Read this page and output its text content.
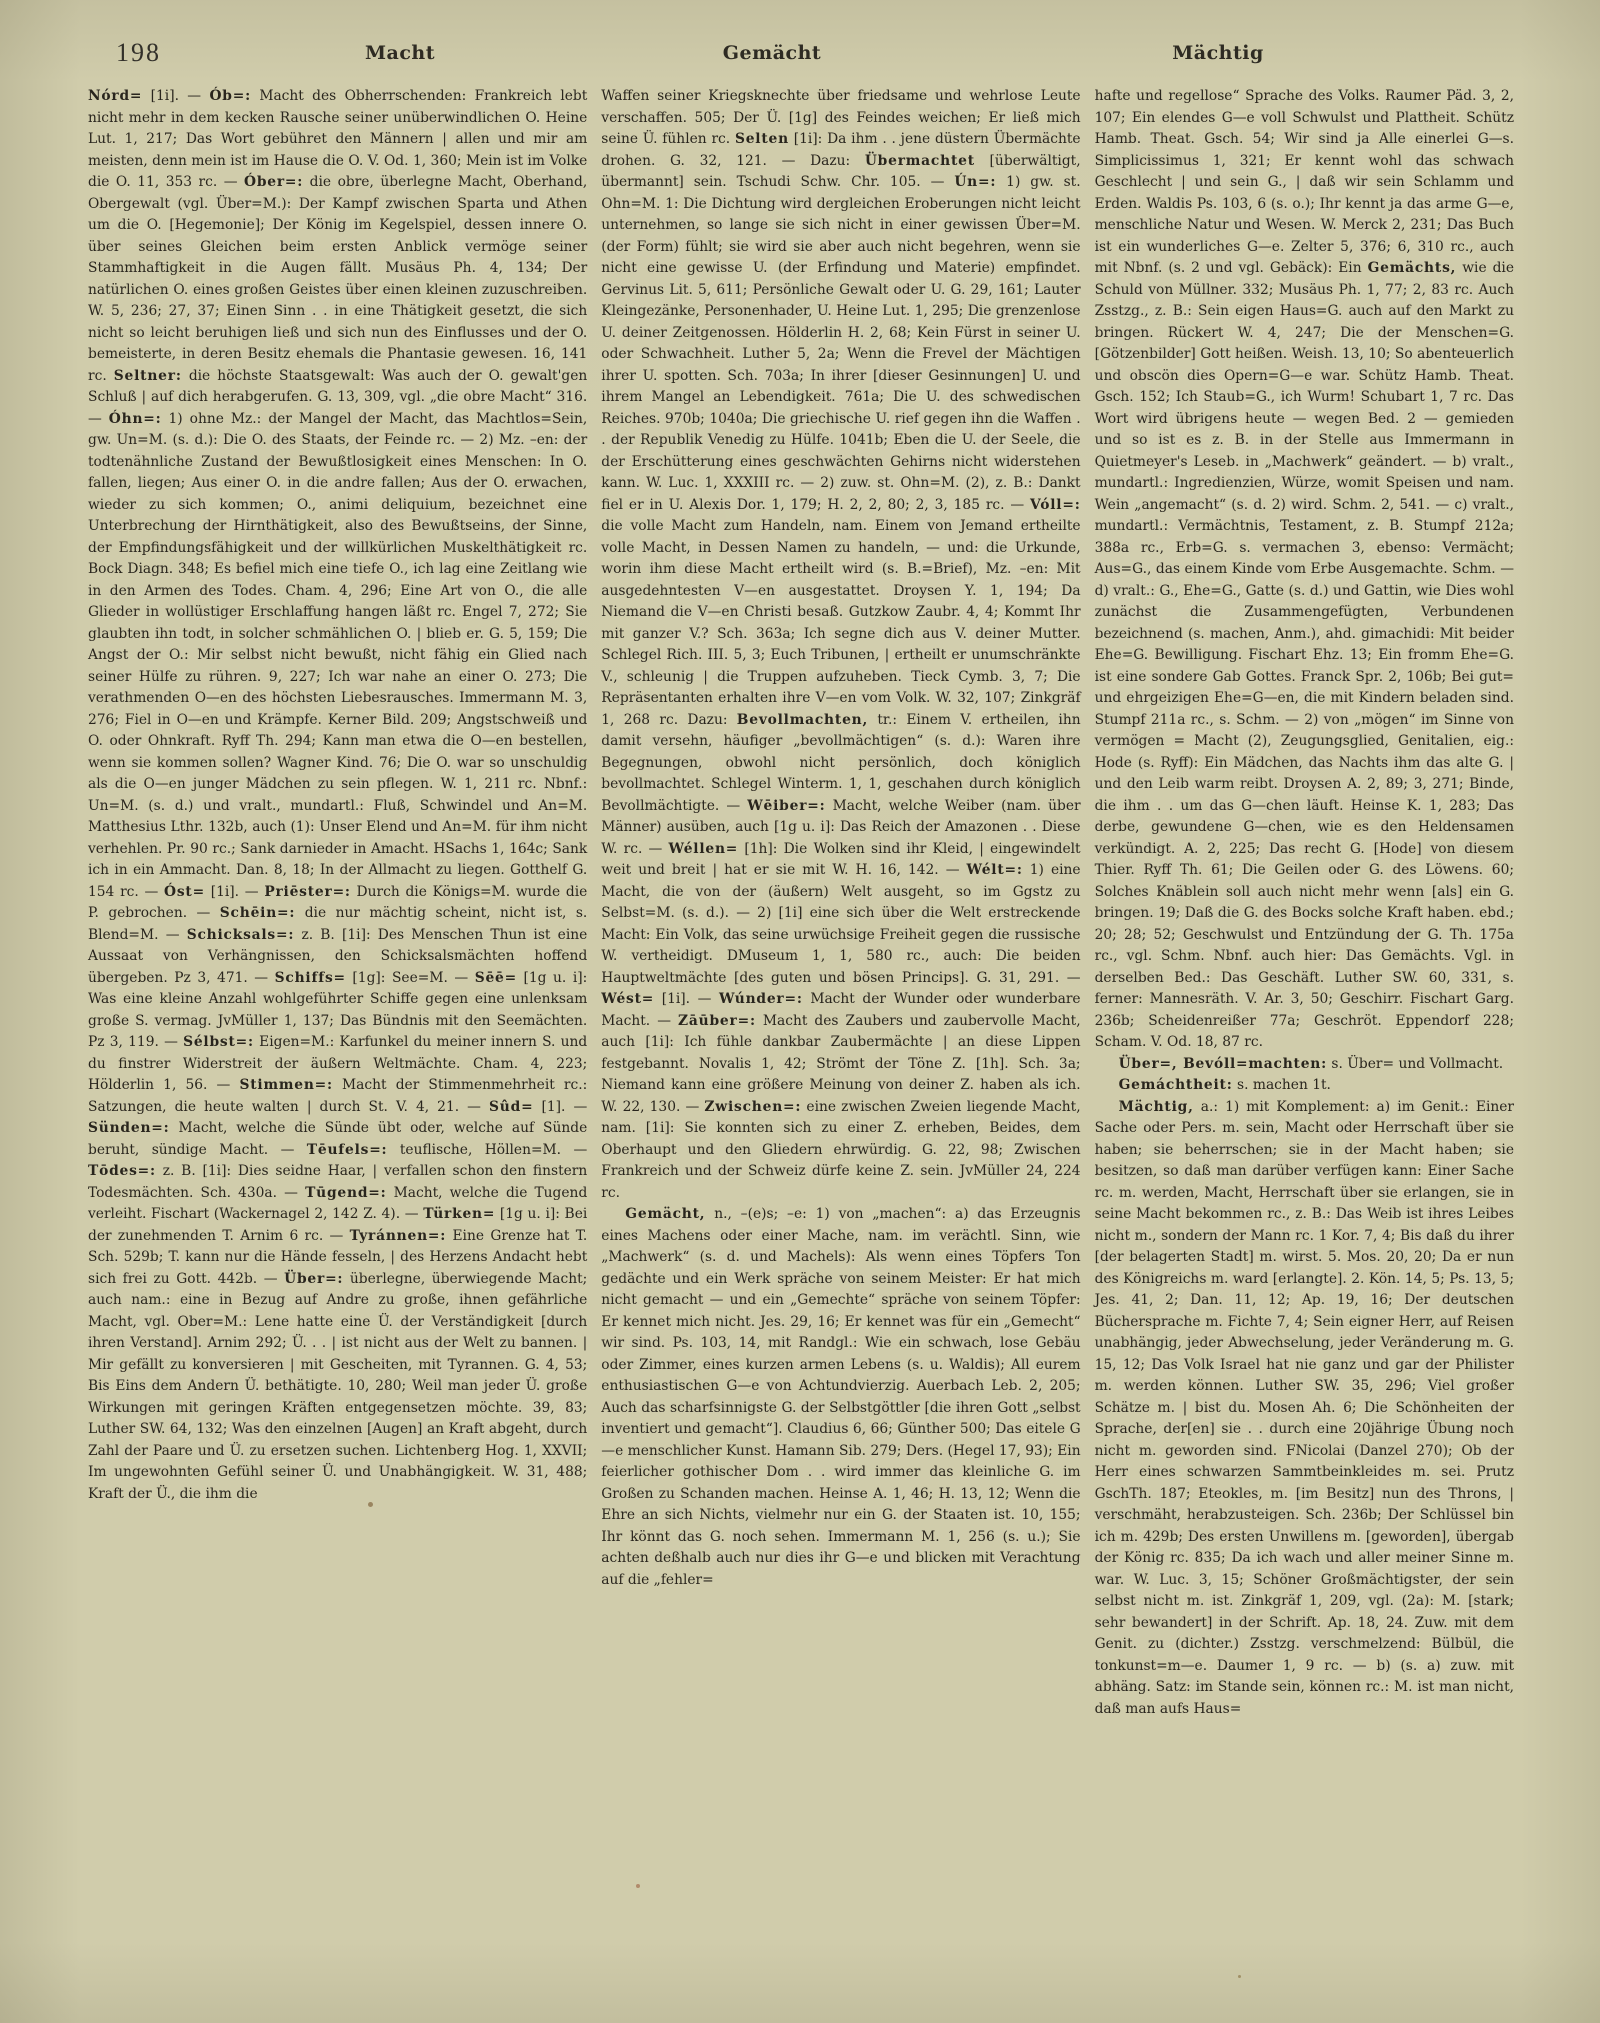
198	Macht	Gemächt	Mächtig

Nórd= [1i]. — Ób=: Macht des Obherrschenden: Frankreich lebt nicht mehr in dem kecken Rausche seiner unüberwindlichen O. Heine Lut. 1, 217; Das Wort gebühret den Männern | allen und mir am meisten, denn mein ist im Hause die O. V. Od. 1, 360; Mein ist im Volke die O. 11, 353 rc. — Óber=: die obre, überlegne Macht, Oberhand, Obergewalt (vgl. Über=M.): Der Kampf zwischen Sparta und Athen um die O. [Hegemonie]; Der König im Kegelspiel, dessen innere O. über seines Gleichen beim ersten Anblick vermöge seiner Stammhaftigkeit in die Augen fällt. Musäus Ph. 4, 134; Der natürlichen O. eines großen Geistes über einen kleinen zuzuschreiben. W. 5, 236; 27, 37; Einen Sinn . . in eine Thätigkeit gesetzt, die sich nicht so leicht beruhigen ließ und sich nun des Einflusses und der O. bemeisterte, in deren Besitz ehemals die Phantasie gewesen. 16, 141 rc. Seltner: die höchste Staatsgewalt: Was auch der O. gewalt'gen Schluß | auf dich herabgerufen. G. 13, 309, vgl. „die obre Macht“ 316. — Óhn=: 1) ohne Mz.: der Mangel der Macht, das Machtlos=Sein, gw. Un=M. (s. d.): Die O. des Staats, der Feinde rc. — 2) Mz. –en: der todtenähnliche Zustand der Bewußtlosigkeit eines Menschen: In O. fallen, liegen; Aus einer O. in die andre fallen; Aus der O. erwachen, wieder zu sich kommen; O., animi deliquium, bezeichnet eine Unterbrechung der Hirnthätigkeit, also des Bewußtseins, der Sinne, der Empfindungsfähigkeit und der willkürlichen Muskelthätigkeit rc. Bock Diagn. 348; Es befiel mich eine tiefe O., ich lag eine Zeitlang wie in den Armen des Todes. Cham. 4, 296; Eine Art von O., die alle Glieder in wollüstiger Erschlaffung hangen läßt rc. Engel 7, 272; Sie glaubten ihn todt, in solcher schmählichen O. | blieb er. G. 5, 159; Die Angst der O.: Mir selbst nicht bewußt, nicht fähig ein Glied nach seiner Hülfe zu rühren. 9, 227; Ich war nahe an einer O. 273; Die verathmenden O—en des höchsten Liebesrausches. Immermann M. 3, 276; Fiel in O—en und Krämpfe. Kerner Bild. 209; Angstschweiß und O. oder Ohnkraft. Ryff Th. 294; Kann man etwa die O—en bestellen, wenn sie kommen sollen? Wagner Kind. 76; Die O. war so unschuldig als die O—en junger Mädchen zu sein pflegen. W. 1, 211 rc. Nbnf.: Un=M. (s. d.) und vralt., mundartl.: Fluß, Schwindel und An=M. Matthesius Lthr. 132b, auch (1): Unser Elend und An=M. für ihm nicht verhehlen. Pr. 90 rc.; Sank darnieder in Amacht. HSachs 1, 164c; Sank ich in ein Ammacht. Dan. 8, 18; In der Allmacht zu liegen. Gotthelf G. 154 rc. — Óst= [1i]. — Priēster=: Durch die Königs=M. wurde die P. gebrochen. — Schēin=: die nur mächtig scheint, nicht ist, s. Blend=M. — Schicksals=: z. B. [1i]: Des Menschen Thun ist eine Aussaat von Verhängnissen, den Schicksalsmächten hoffend übergeben. Pz 3, 471. — Schiffs= [1g]: See=M. — Sēē= [1g u. i]: Was eine kleine Anzahl wohlgeführter Schiffe gegen eine unlenksam große S. vermag. JvMüller 1, 137; Das Bündnis mit den Seemächten. Pz 3, 119. — Sélbst=: Eigen=M.: Karfunkel du meiner innern S. und du finstrer Widerstreit der äußern Weltmächte. Cham. 4, 223; Hölderlin 1, 56. — Stimmen=: Macht der Stimmenmehrheit rc.: Satzungen, die heute walten | durch St. V. 4, 21. — Sûd= [1]. — Sünden=: Macht, welche die Sünde übt oder, welche auf Sünde beruht, sündige Macht. — Tēufels=: teuflische, Höllen=M. — Tōdes=: z. B. [1i]: Dies seidne Haar, | verfallen schon den finstern Todesmächten. Sch. 430a. — Tūgend=: Macht, welche die Tugend verleiht. Fischart (Wackernagel 2, 142 Z. 4). — Türken= [1g u. i]: Bei der zunehmenden T. Arnim 6 rc. — Tyránnen=: Eine Grenze hat T. Sch. 529b; T. kann nur die Hände fesseln, | des Herzens Andacht hebt sich frei zu Gott. 442b. — Über=: überlegne, überwiegende Macht; auch nam.: eine in Bezug auf Andre zu große, ihnen gefährliche Macht, vgl. Ober=M.: Lene hatte eine Ü. der Verständigkeit [durch ihren Verstand]. Arnim 292; Ü. . . | ist nicht aus der Welt zu bannen. | Mir gefällt zu konversieren | mit Gescheiten, mit Tyrannen. G. 4, 53; Bis Eins dem Andern Ü. bethätigte. 10, 280; Weil man jeder Ü. große Wirkungen mit geringen Kräften entgegensetzen möchte. 39, 83; Luther SW. 64, 132; Was den einzelnen [Augen] an Kraft abgeht, durch Zahl der Paare und Ü. zu ersetzen suchen. Lichtenberg Hog. 1, XXVII; Im ungewohnten Gefühl seiner Ü. und Unabhängigkeit. W. 31, 488; Kraft der Ü., die ihm die

Waffen seiner Kriegsknechte über friedsame und wehrlose Leute verschaffen. 505; Der Ü. [1g] des Feindes weichen; Er ließ mich seine Ü. fühlen rc. Selten [1i]: Da ihm . . jene düstern Übermächte drohen. G. 32, 121. — Dazu: Übermachtet [überwältigt, übermannt] sein. Tschudi Schw. Chr. 105. — Ún=: 1) gw. st. Ohn=M. 1: Die Dichtung wird dergleichen Eroberungen nicht leicht unternehmen, so lange sie sich nicht in einer gewissen Über=M. (der Form) fühlt; sie wird sie aber auch nicht begehren, wenn sie nicht eine gewisse U. (der Erfindung und Materie) empfindet. Gervinus Lit. 5, 611; Persönliche Gewalt oder U. G. 29, 161; Lauter Kleingezänke, Personenhader, U. Heine Lut. 1, 295; Die grenzenlose U. deiner Zeitgenossen. Hölderlin H. 2, 68; Kein Fürst in seiner U. oder Schwachheit. Luther 5, 2a; Wenn die Frevel der Mächtigen ihrer U. spotten. Sch. 703a; In ihrer [dieser Gesinnungen] U. und ihrem Mangel an Lebendigkeit. 761a; Die U. des schwedischen Reiches. 970b; 1040a; Die griechische U. rief gegen ihn die Waffen . . der Republik Venedig zu Hülfe. 1041b; Eben die U. der Seele, die der Erschütterung eines geschwächten Gehirns nicht widerstehen kann. W. Luc. 1, XXXIII rc. — 2) zuw. st. Ohn=M. (2), z. B.: Dankt fiel er in U. Alexis Dor. 1, 179; H. 2, 2, 80; 2, 3, 185 rc. — Vóll=: die volle Macht zum Handeln, nam. Einem von Jemand ertheilte volle Macht, in Dessen Namen zu handeln, — und: die Urkunde, worin ihm diese Macht ertheilt wird (s. B.=Brief), Mz. –en: Mit ausgedehntesten V—en ausgestattet. Droysen Y. 1, 194; Da Niemand die V—en Christi besaß. Gutzkow Zaubr. 4, 4; Kommt Ihr mit ganzer V.? Sch. 363a; Ich segne dich aus V. deiner Mutter. Schlegel Rich. III. 5, 3; Euch Tribunen, | ertheilt er unumschränkte V., schleunig | die Truppen aufzuheben. Tieck Cymb. 3, 7; Die Repräsentanten erhalten ihre V—en vom Volk. W. 32, 107; Zinkgräf 1, 268 rc. Dazu: Bevollmachten, tr.: Einem V. ertheilen, ihn damit versehn, häufiger „bevollmächtigen“ (s. d.): Waren ihre Begegnungen, obwohl nicht persönlich, doch königlich bevollmachtet. Schlegel Winterm. 1, 1, geschahen durch königlich Bevollmächtigte. — Wēiber=: Macht, welche Weiber (nam. über Männer) ausüben, auch [1g u. i]: Das Reich der Amazonen . . Diese W. rc. — Wéllen= [1h]: Die Wolken sind ihr Kleid, | eingewindelt weit und breit | hat er sie mit W. H. 16, 142. — Wélt=: 1) eine Macht, die von der (äußern) Welt ausgeht, so im Ggstz zu Selbst=M. (s. d.). — 2) [1i] eine sich über die Welt erstreckende Macht: Ein Volk, das seine urwüchsige Freiheit gegen die russische W. vertheidigt. DMuseum 1, 1, 580 rc., auch: Die beiden Hauptweltmächte [des guten und bösen Princips]. G. 31, 291. — Wést= [1i]. — Wúnder=: Macht der Wunder oder wunderbare Macht. — Zāūber=: Macht des Zaubers und zaubervolle Macht, auch [1i]: Ich fühle dankbar Zaubermächte | an diese Lippen festgebannt. Novalis 1, 42; Strömt der Töne Z. [1h]. Sch. 3a; Niemand kann eine größere Meinung von deiner Z. haben als ich. W. 22, 130. — Zwischen=: eine zwischen Zweien liegende Macht, nam. [1i]: Sie konnten sich zu einer Z. erheben, Beides, dem Oberhaupt und den Gliedern ehrwürdig. G. 22, 98; Zwischen Frankreich und der Schweiz dürfe keine Z. sein. JvMüller 24, 224 rc.

Gemächt, n., –(e)s; –e: 1) von „machen“: a) das Erzeugnis eines Machens oder einer Mache, nam. im verächtl. Sinn, wie „Machwerk“ (s. d. und Machels): Als wenn eines Töpfers Ton gedächte und ein Werk spräche von seinem Meister: Er hat mich nicht gemacht — und ein „Gemechte“ spräche von seinem Töpfer: Er kennet mich nicht. Jes. 29, 16; Er kennet was für ein „Gemecht“ wir sind. Ps. 103, 14, mit Randgl.: Wie ein schwach, lose Gebäu oder Zimmer, eines kurzen armen Lebens (s. u. Waldis); All eurem enthusiastischen G—e von Achtundvierzig. Auerbach Leb. 2, 205; Auch das scharfsinnigste G. der Selbstgöttler [die ihren Gott „selbst inventiert und gemacht“]. Claudius 6, 66; Günther 500; Das eitele G—e menschlicher Kunst. Hamann Sib. 279; Ders. (Hegel 17, 93); Ein feierlicher gothischer Dom . . wird immer das kleinliche G. im Großen zu Schanden machen. Heinse A. 1, 46; H. 13, 12; Wenn die Ehre an sich Nichts, vielmehr nur ein G. der Staaten ist. 10, 155; Ihr könnt das G. noch sehen. Immermann M. 1, 256 (s. u.); Sie achten deßhalb auch nur dies ihr G—e und blicken mit Verachtung auf die „fehler=

hafte und regellose“ Sprache des Volks. Raumer Päd. 3, 2, 107; Ein elendes G—e voll Schwulst und Plattheit. Schütz Hamb. Theat. Gsch. 54; Wir sind ja Alle einerlei G—s. Simplicissimus 1, 321; Er kennt wohl das schwach Geschlecht | und sein G., | daß wir sein Schlamm und Erden. Waldis Ps. 103, 6 (s. o.); Ihr kennt ja das arme G—e, menschliche Natur und Wesen. W. Merck 2, 231; Das Buch ist ein wunderliches G—e. Zelter 5, 376; 6, 310 rc., auch mit Nbnf. (s. 2 und vgl. Gebäck): Ein Gemächts, wie die Schuld von Müllner. 332; Musäus Ph. 1, 77; 2, 83 rc. Auch Zsstzg., z. B.: Sein eigen Haus=G. auch auf den Markt zu bringen. Rückert W. 4, 247; Die der Menschen=G. [Götzenbilder] Gott heißen. Weish. 13, 10; So abenteuerlich und obscön dies Opern=G—e war. Schütz Hamb. Theat. Gsch. 152; Ich Staub=G., ich Wurm! Schubart 1, 7 rc. Das Wort wird übrigens heute — wegen Bed. 2 — gemieden und so ist es z. B. in der Stelle aus Immermann in Quietmeyer's Leseb. in „Machwerk“ geändert. — b) vralt., mundartl.: Ingredienzien, Würze, womit Speisen und nam. Wein „angemacht“ (s. d. 2) wird. Schm. 2, 541. — c) vralt., mundartl.: Vermächtnis, Testament, z. B. Stumpf 212a; 388a rc., Erb=G. s. vermachen 3, ebenso: Vermächt; Aus=G., das einem Kinde vom Erbe Ausgemachte. Schm. — d) vralt.: G., Ehe=G., Gatte (s. d.) und Gattin, wie Dies wohl zunächst die Zusammengefügten, Verbundenen bezeichnend (s. machen, Anm.), ahd. gimachidi: Mit beider Ehe=G. Bewilligung. Fischart Ehz. 13; Ein fromm Ehe=G. ist eine sondere Gab Gottes. Franck Spr. 2, 106b; Bei gut= und ehrgeizigen Ehe=G—en, die mit Kindern beladen sind. Stumpf 211a rc., s. Schm. — 2) von „mögen“ im Sinne von vermögen = Macht (2), Zeugungsglied, Genitalien, eig.: Hode (s. Ryff): Ein Mädchen, das Nachts ihm das alte G. | und den Leib warm reibt. Droysen A. 2, 89; 3, 271; Binde, die ihm . . um das G—chen läuft. Heinse K. 1, 283; Das derbe, gewundene G—chen, wie es den Heldensamen verkündigt. A. 2, 225; Das recht G. [Hode] von diesem Thier. Ryff Th. 61; Die Geilen oder G. des Löwens. 60; Solches Knäblein soll auch nicht mehr wenn [als] ein G. bringen. 19; Daß die G. des Bocks solche Kraft haben. ebd.; 20; 28; 52; Geschwulst und Entzündung der G. Th. 175a rc., vgl. Schm. Nbnf. auch hier: Das Gemächts. Vgl. in derselben Bed.: Das Geschäft. Luther SW. 60, 331, s. ferner: Mannesräth. V. Ar. 3, 50; Geschirr. Fischart Garg. 236b; Scheidenreißer 77a; Geschröt. Eppendorf 228; Scham. V. Od. 18, 87 rc.

Über=, Bevóll=machten: s. Über= und Vollmacht.

Gemáchtheit: s. machen 1t.

Mächtig, a.: 1) mit Komplement: a) im Genit.: Einer Sache oder Pers. m. sein, Macht oder Herrschaft über sie haben; sie beherrschen; sie in der Macht haben; sie besitzen, so daß man darüber verfügen kann: Einer Sache rc. m. werden, Macht, Herrschaft über sie erlangen, sie in seine Macht bekommen rc., z. B.: Das Weib ist ihres Leibes nicht m., sondern der Mann rc. 1 Kor. 7, 4; Bis daß du ihrer [der belagerten Stadt] m. wirst. 5. Mos. 20, 20; Da er nun des Königreichs m. ward [erlangte]. 2. Kön. 14, 5; Ps. 13, 5; Jes. 41, 2; Dan. 11, 12; Ap. 19, 16; Der deutschen Büchersprache m. Fichte 7, 4; Sein eigner Herr, auf Reisen unabhängig, jeder Abwechselung, jeder Veränderung m. G. 15, 12; Das Volk Israel hat nie ganz und gar der Philister m. werden können. Luther SW. 35, 296; Viel großer Schätze m. | bist du. Mosen Ah. 6; Die Schönheiten der Sprache, der[en] sie . . durch eine 20jährige Übung noch nicht m. geworden sind. FNicolai (Danzel 270); Ob der Herr eines schwarzen Sammtbeinkleides m. sei. Prutz GschTh. 187; Eteokles, m. [im Besitz] nun des Throns, | verschmäht, herabzusteigen. Sch. 236b; Der Schlüssel bin ich m. 429b; Des ersten Unwillens m. [geworden], übergab der König rc. 835; Da ich wach und aller meiner Sinne m. war. W. Luc. 3, 15; Schöner Großmächtigster, der sein selbst nicht m. ist. Zinkgräf 1, 209, vgl. (2a): M. [stark; sehr bewandert] in der Schrift. Ap. 18, 24. Zuw. mit dem Genit. zu (dichter.) Zsstzg. verschmelzend: Bülbül, die tonkunst=m—e. Daumer 1, 9 rc. — b) (s. a) zuw. mit abhäng. Satz: im Stande sein, können rc.: M. ist man nicht, daß man aufs Haus=
